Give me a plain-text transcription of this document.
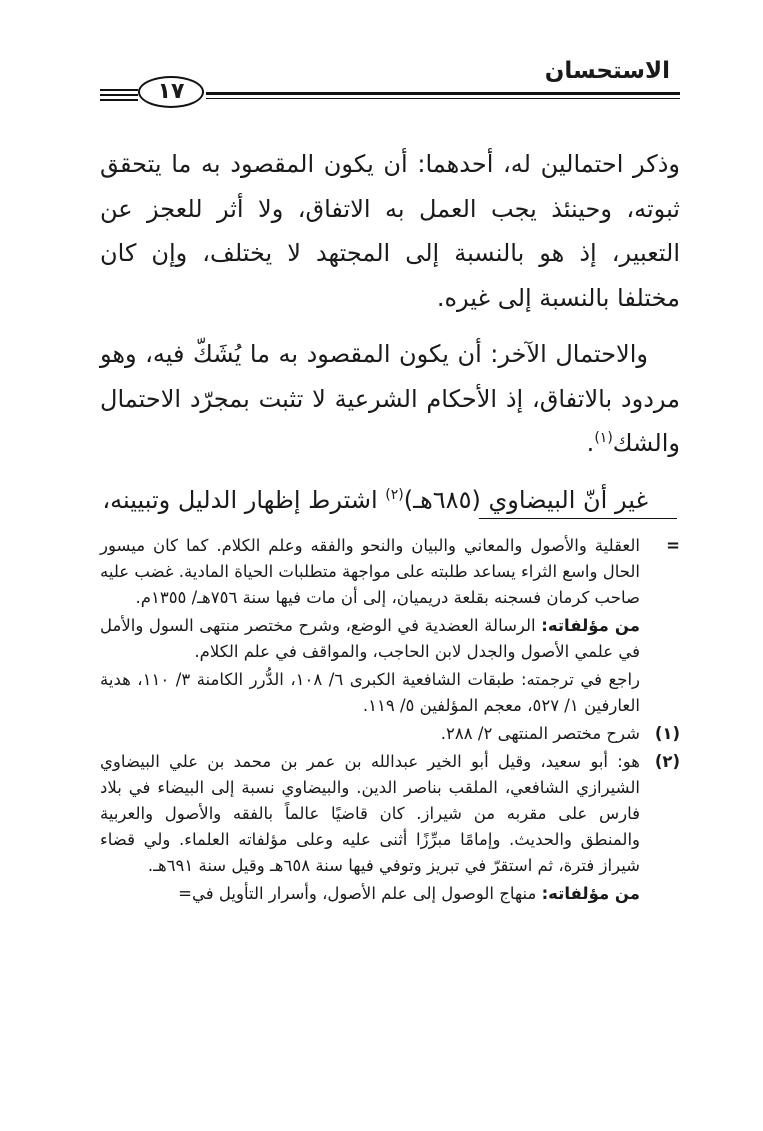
الاستحسان
١٧

وذكر احتمالين له، أحدهما: أن يكون المقصود به ما يتحقق ثبوته، وحينئذ يجب العمل به الاتفاق، ولا أثر للعجز عن التعبير، إذ هو بالنسبة إلى المجتهد لا يختلف، وإن كان مختلفا بالنسبة إلى غيره.

والاحتمال الآخر: أن يكون المقصود به ما يُشَكّ فيه، وهو مردود بالاتفاق، إذ الأحكام الشرعية لا تثبت بمجرّد الاحتمال والشك$^{(١)}$.

غير أنّ البيضاوي (٦٨٥هـ)$^{(٢)}$ اشترط إظهار الدليل وتبيينه،

=
العقلية والأصول والمعاني والبيان والنحو والفقه وعلم الكلام. كما كان ميسور الحال واسع الثراء يساعد طلبته على مواجهة متطلبات الحياة المادية. غضب عليه صاحب كرمان فسجنه بقلعة دريميان، إلى أن مات فيها سنة ٧٥٦هـ/ ١٣٥٥م.
من مؤلفاته: الرسالة العضدية في الوضع، وشرح مختصر منتهى السول والأمل في علمي الأصول والجدل لابن الحاجب، والمواقف في علم الكلام.
راجع في ترجمته: طبقات الشافعية الكبرى ٦/ ١٠٨، الدُّرر الكامنة ٣/ ١١٠، هدية العارفين ١/ ٥٢٧، معجم المؤلفين ٥/ ١١٩.
(١)
شرح مختصر المنتهى ٢/ ٢٨٨.
(٢)
هو: أبو سعيد، وقيل أبو الخير عبدالله بن عمر بن محمد بن علي البيضاوي الشيرازي الشافعي، الملقب بناصر الدين. والبيضاوي نسبة إلى البيضاء في بلاد فارس على مقربه من شيراز. كان قاضيًا عالماً بالفقه والأصول والعربية والمنطق والحديث. وإمامًا مبرِّزًا أثنى عليه وعلى مؤلفاته العلماء. ولي قضاء شيراز فترة، ثم استقرّ في تبريز وتوفي فيها سنة ٦٥٨هـ وقيل سنة ٦٩١هـ.
من مؤلفاته: منهاج الوصول إلى علم الأصول، وأسرار التأويل في=
